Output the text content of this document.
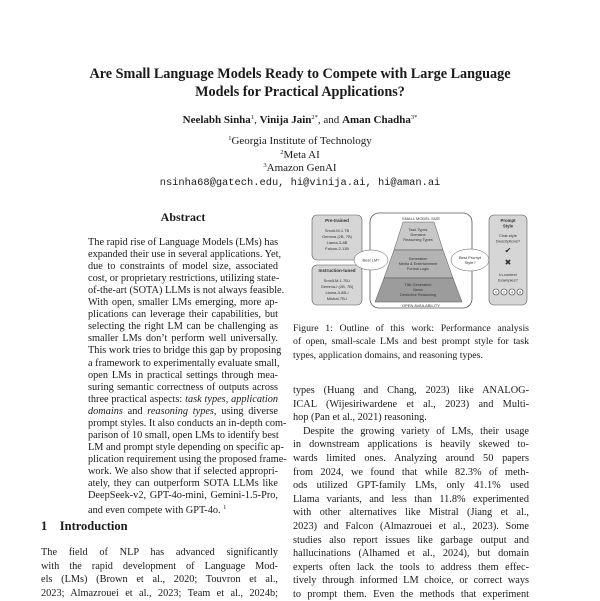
Are Small Language Models Ready to Compete with Large Language
Models for Practical Applications?
Neelabh Sinha$^1$, Vinija Jain$^{2*}$, and Aman Chadha$^{3*}$
$^1$Georgia Institute of Technology
$^2$Meta AI
$^3$Amazon GenAI
nsinha68@gatech.edu, hi@vinija.ai, hi@aman.ai
Abstract
The rapid rise of Language Models (LMs) has
expanded their use in several applications. Yet,
due to constraints of model size, associated
cost, or proprietary restrictions, utilizing state-
of-the-art (SOTA) LLMs is not always feasible.
With open, smaller LMs emerging, more ap-
plications can leverage their capabilities, but
selecting the right LM can be challenging as
smaller LMs don’t perform well universally.
This work tries to bridge this gap by proposing
a framework to experimentally evaluate small,
open LMs in practical settings through mea-
suring semantic correctness of outputs across
three practical aspects: task types, application
domains and reasoning types, using diverse
prompt styles. It also conducts an in-depth com-
parison of 10 small, open LMs to identify best
LM and prompt style depending on specific ap-
plication requirement using the proposed frame-
work. We also show that if selected appropri-
ately, they can outperform SOTA LLMs like
DeepSeek-v2, GPT-4o-mini, Gemini-1.5-Pro,
and even compete with GPT-4o. $^1$
1 Introduction
The field of NLP has advanced significantly
with the rapid development of Language Mod-
els (LMs) (Brown et al., 2020; Touvron et al.,
2023; Almazrouei et al., 2023; Team et al., 2024b;
Pre-trained
SmolLM-1.7B
Gemma (2B, 7B)
Llama-3-8B
Falcon-2-11B
Instruction-tuned
SmolLM-1.7B-I
Gemma-I (2B, 7B)
Llama-3-8B-I
Mistral-7B-I
SMALL MODEL SIZE
OPEN AVAILABILITY
Task Types
Domains
Reasoning Types
Generation
Media & Entertainment
Formal Logic
Title Generation
News
Deductive Reasoning
Best LM?	Best Prompt
Style?
Prompt
Style
Chat-style
Descriptions?
✔
✖
In-context
Examples?
0 2 4 8
Figure 1: Outline of this work: Performance analysis
of open, small-scale LMs and best prompt style for task
types, application domains, and reasoning types.
types (Huang and Chang, 2023) like ANALOG-
ICAL (Wijesiriwardene et al., 2023) and Multi-
hop (Pan et al., 2021) reasoning.
Despite the growing variety of LMs, their usage
in downstream applications is heavily skewed to-
wards limited ones. Analyzing around 50 papers
from 2024, we found that while 82.3% of meth-
ods utilized GPT-family LMs, only 41.1% used
Llama variants, and less than 11.8% experimented
with other alternatives like Mistral (Jiang et al.,
2023) and Falcon (Almazrouei et al., 2023). Some
studies also report issues like garbage output and
hallucinations (Alhamed et al., 2024), but domain
experts often lack the tools to address them effec-
tively through informed LM choice, or correct ways
to prompt them. Even the methods that experiment
